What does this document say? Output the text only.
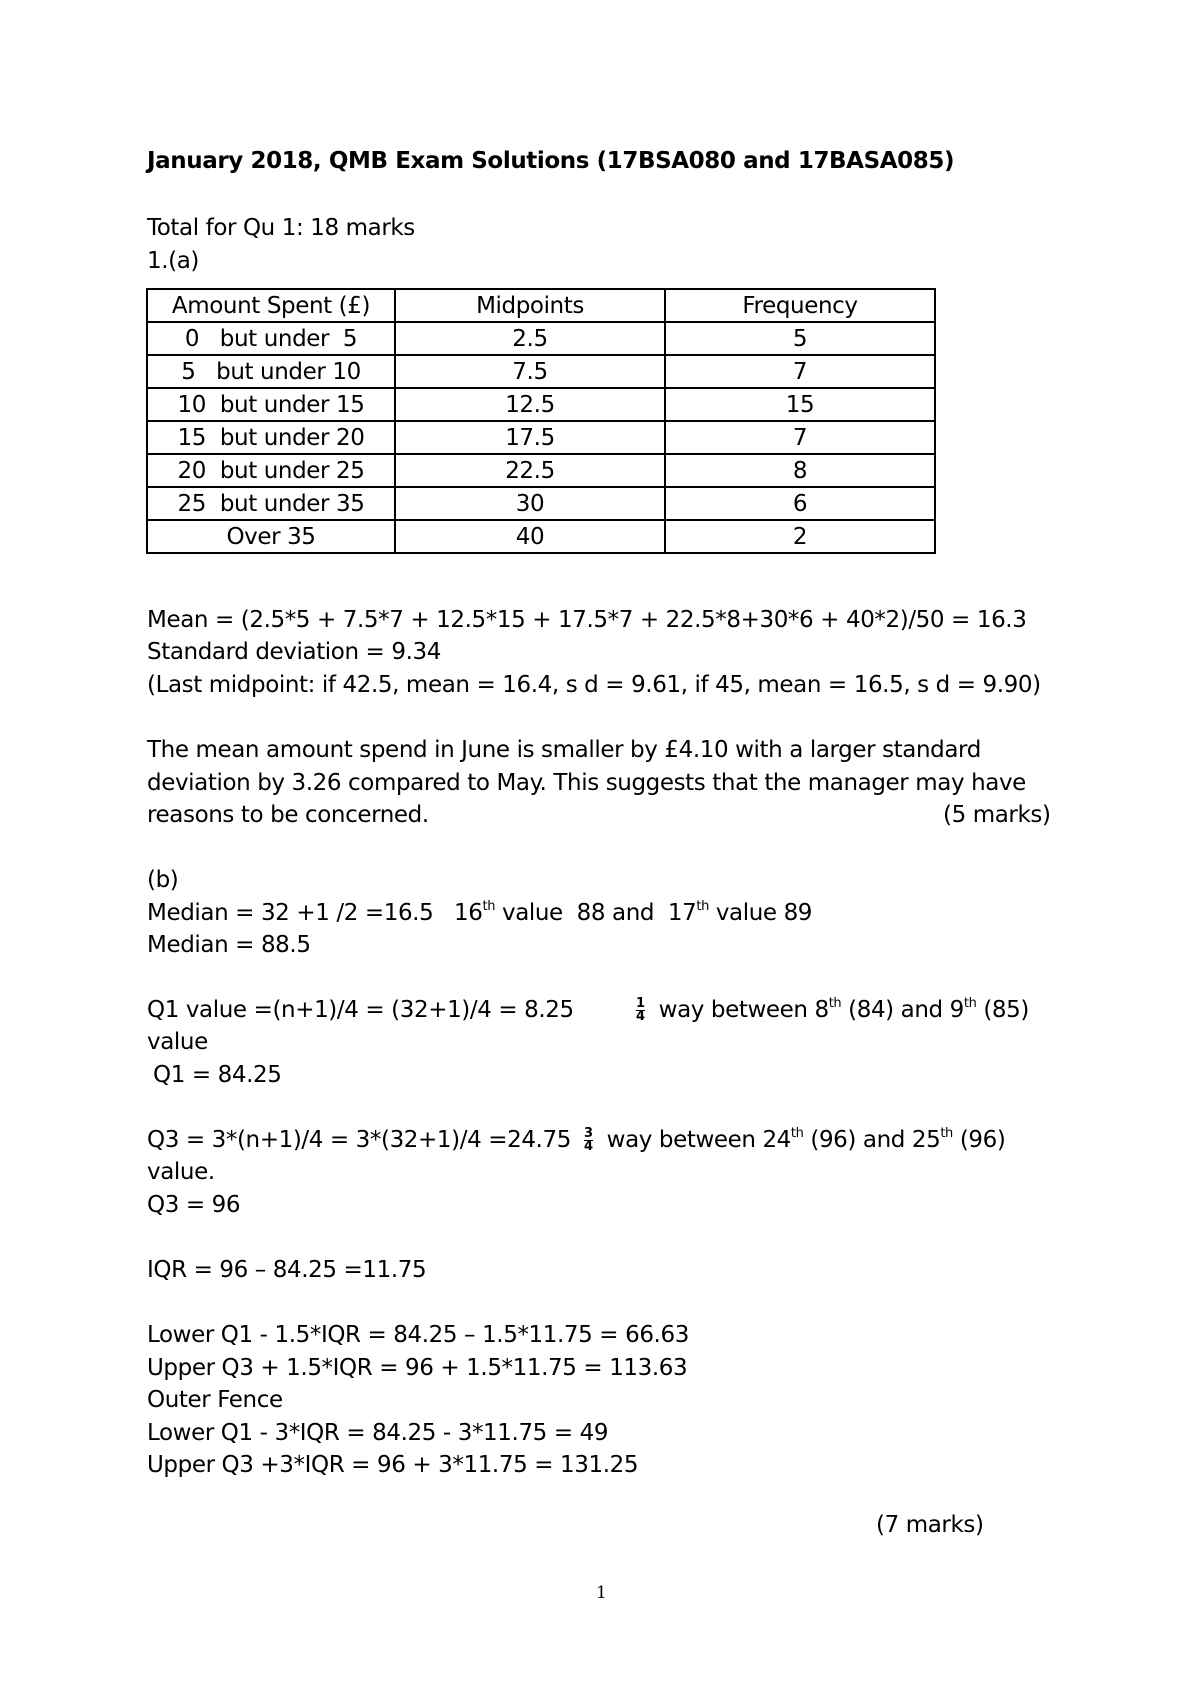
January 2018, QMB Exam Solutions (17BSA080 and 17BASA085)
Total for Qu 1: 18 marks
1.(a)
Amount Spent (£)	Midpoints	Frequency
0   but under  5	2.5	5
5   but under 10	7.5	7
10  but under 15	12.5	15
15  but under 20	17.5	7
20  but under 25	22.5	8
25  but under 35	30	6
Over 35	40	2
Mean = (2.5*5 + 7.5*7 + 12.5*15 + 17.5*7 + 22.5*8+30*6 + 40*2)/50 = 16.3
Standard deviation = 9.34
(Last midpoint: if 42.5, mean = 16.4, s d = 9.61, if 45, mean = 16.5, s d = 9.90)
The mean amount spend in June is smaller by £4.10 with a larger standard
deviation by 3.26 compared to May. This suggests that the manager may have
reasons to be concerned.	(5 marks)
(b)
Median = 32 +1 /2 =16.5   16th value  88 and  17th value 89
Median = 88.5
Q1 value =(n+1)/4 = (32+1)/4 = 8.25	$\frac{1}{4}$ way between 8th (84) and 9th (85)
value
Q1 = 84.25
$Q3 = 3*(n+1)/4 = 3*(32+1)/4 =24.75 \frac{3}{4}$ way between 24th (96) and 25th (96)
value.
Q3 = 96
IQR = 96 – 84.25 =11.75
Lower Q1 - 1.5*IQR = 84.25 – 1.5*11.75 = 66.63
Upper Q3 + 1.5*IQR = 96 + 1.5*11.75 = 113.63
Outer Fence
Lower Q1 - 3*IQR = 84.25 - 3*11.75 = 49
Upper Q3 +3*IQR = 96 + 3*11.75 = 131.25
(7 marks)
1
